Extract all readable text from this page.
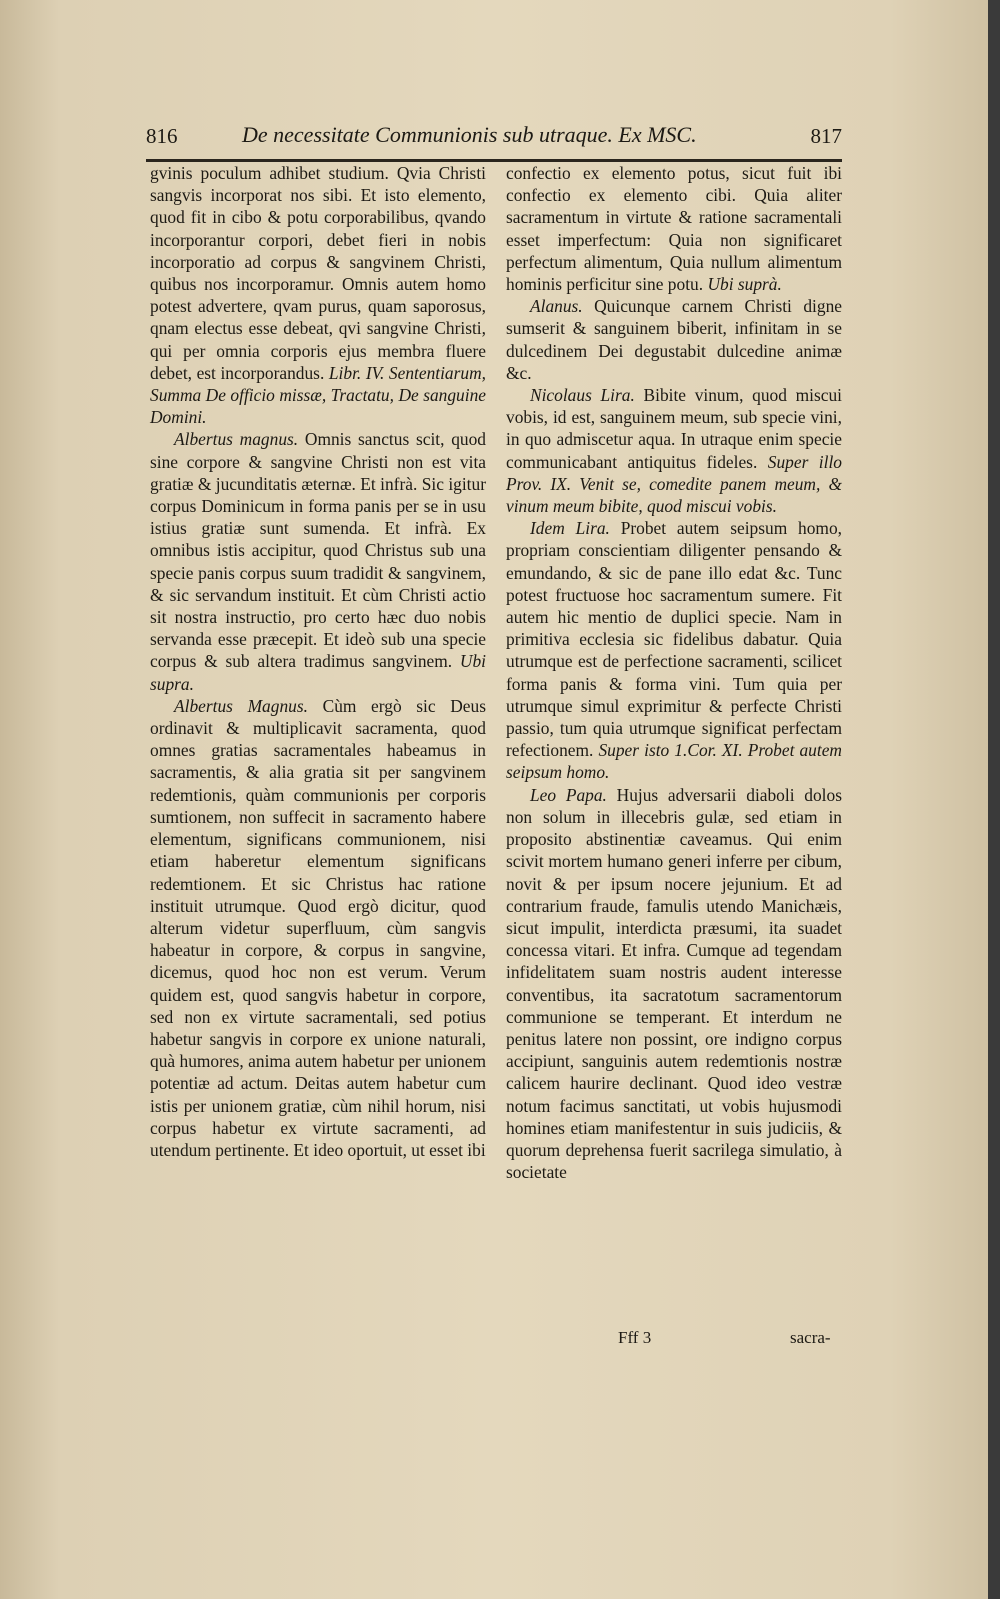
816	De necessitate Communionis sub utraque. Ex MSC.	817

gvinis poculum adhibet studium. Qvia Christi sangvis incorporat nos sibi. Et isto elemento, quod fit in cibo & potu corporabilibus, qvando incorporantur corpori, debet fieri in nobis incorporatio ad corpus & sangvinem Christi, quibus nos incorporamur. Omnis autem homo potest advertere, qvam purus, quam saporosus, qnam electus esse debeat, qvi sangvine Christi, qui per omnia corporis ejus membra fluere debet, est incorporandus. Libr. IV. Sententiarum, Summa De officio missæ, Tractatu, De sanguine Domini.

Albertus magnus. Omnis sanctus scit, quod sine corpore & sangvine Christi non est vita gratiæ & jucunditatis æternæ. Et infrà. Sic igitur corpus Dominicum in forma panis per se in usu istius gratiæ sunt sumenda. Et infrà. Ex omnibus istis accipitur, quod Christus sub una specie panis corpus suum tradidit & sangvinem, & sic servandum instituit. Et cùm Christi actio sit nostra instructio, pro certo hæc duo nobis servanda esse præcepit. Et ideò sub una specie corpus & sub altera tradimus sangvinem. Ubi supra.

Albertus Magnus. Cùm ergò sic Deus ordinavit & multiplicavit sacramenta, quod omnes gratias sacramentales habeamus in sacramentis, & alia gratia sit per sangvinem redemtionis, quàm communionis per corporis sumtionem, non suffecit in sacramento habere elementum, significans communionem, nisi etiam haberetur elementum significans redemtionem. Et sic Christus hac ratione instituit utrumque. Quod ergò dicitur, quod alterum videtur superfluum, cùm sangvis habeatur in corpore, & corpus in sangvine, dicemus, quod hoc non est verum. Verum quidem est, quod sangvis habetur in corpore, sed non ex virtute sacramentali, sed potius habetur sangvis in corpore ex unione naturali, quà humores, anima autem habetur per unionem potentiæ ad actum. Deitas autem habetur cum istis per unionem gratiæ, cùm nihil horum, nisi corpus habetur ex virtute sacramenti, ad utendum pertinente. Et ideo oportuit, ut esset ibi

confectio ex elemento potus, sicut fuit ibi confectio ex elemento cibi. Quia aliter sacramentum in virtute & ratione sacramentali esset imperfectum: Quia non significaret perfectum alimentum, Quia nullum alimentum hominis perficitur sine potu. Ubi suprà.

Alanus. Quicunque carnem Christi digne sumserit & sanguinem biberit, infinitam in se dulcedinem Dei degustabit dulcedine animæ &c.

Nicolaus Lira. Bibite vinum, quod miscui vobis, id est, sanguinem meum, sub specie vini, in quo admiscetur aqua. In utraque enim specie communicabant antiquitus fideles. Super illo Prov. IX. Venit se, comedite panem meum, & vinum meum bibite, quod miscui vobis.

Idem Lira. Probet autem seipsum homo, propriam conscientiam diligenter pensando & emundando, & sic de pane illo edat &c. Tunc potest fructuose hoc sacramentum sumere. Fit autem hic mentio de duplici specie. Nam in primitiva ecclesia sic fidelibus dabatur. Quia utrumque est de perfectione sacramenti, scilicet forma panis & forma vini. Tum quia per utrumque simul exprimitur & perfecte Christi passio, tum quia utrumque significat perfectam refectionem. Super isto 1.Cor. XI. Probet autem seipsum homo.

Leo Papa. Hujus adversarii diaboli dolos non solum in illecebris gulæ, sed etiam in proposito abstinentiæ caveamus. Qui enim scivit mortem humano generi inferre per cibum, novit & per ipsum nocere jejunium. Et ad contrarium fraude, famulis utendo Manichæis, sicut impulit, interdicta præsumi, ita suadet concessa vitari. Et infra. Cumque ad tegendam infidelitatem suam nostris audent interesse conventibus, ita sacratotum sacramentorum communione se temperant. Et interdum ne penitus latere non possint, ore indigno corpus accipiunt, sanguinis autem redemtionis nostræ calicem haurire declinant. Quod ideo vestræ notum facimus sanctitati, ut vobis hujusmodi homines etiam manifestentur in suis judiciis, & quorum deprehensa fuerit sacrilega simulatio, à societate

Fff 3	sacra-
